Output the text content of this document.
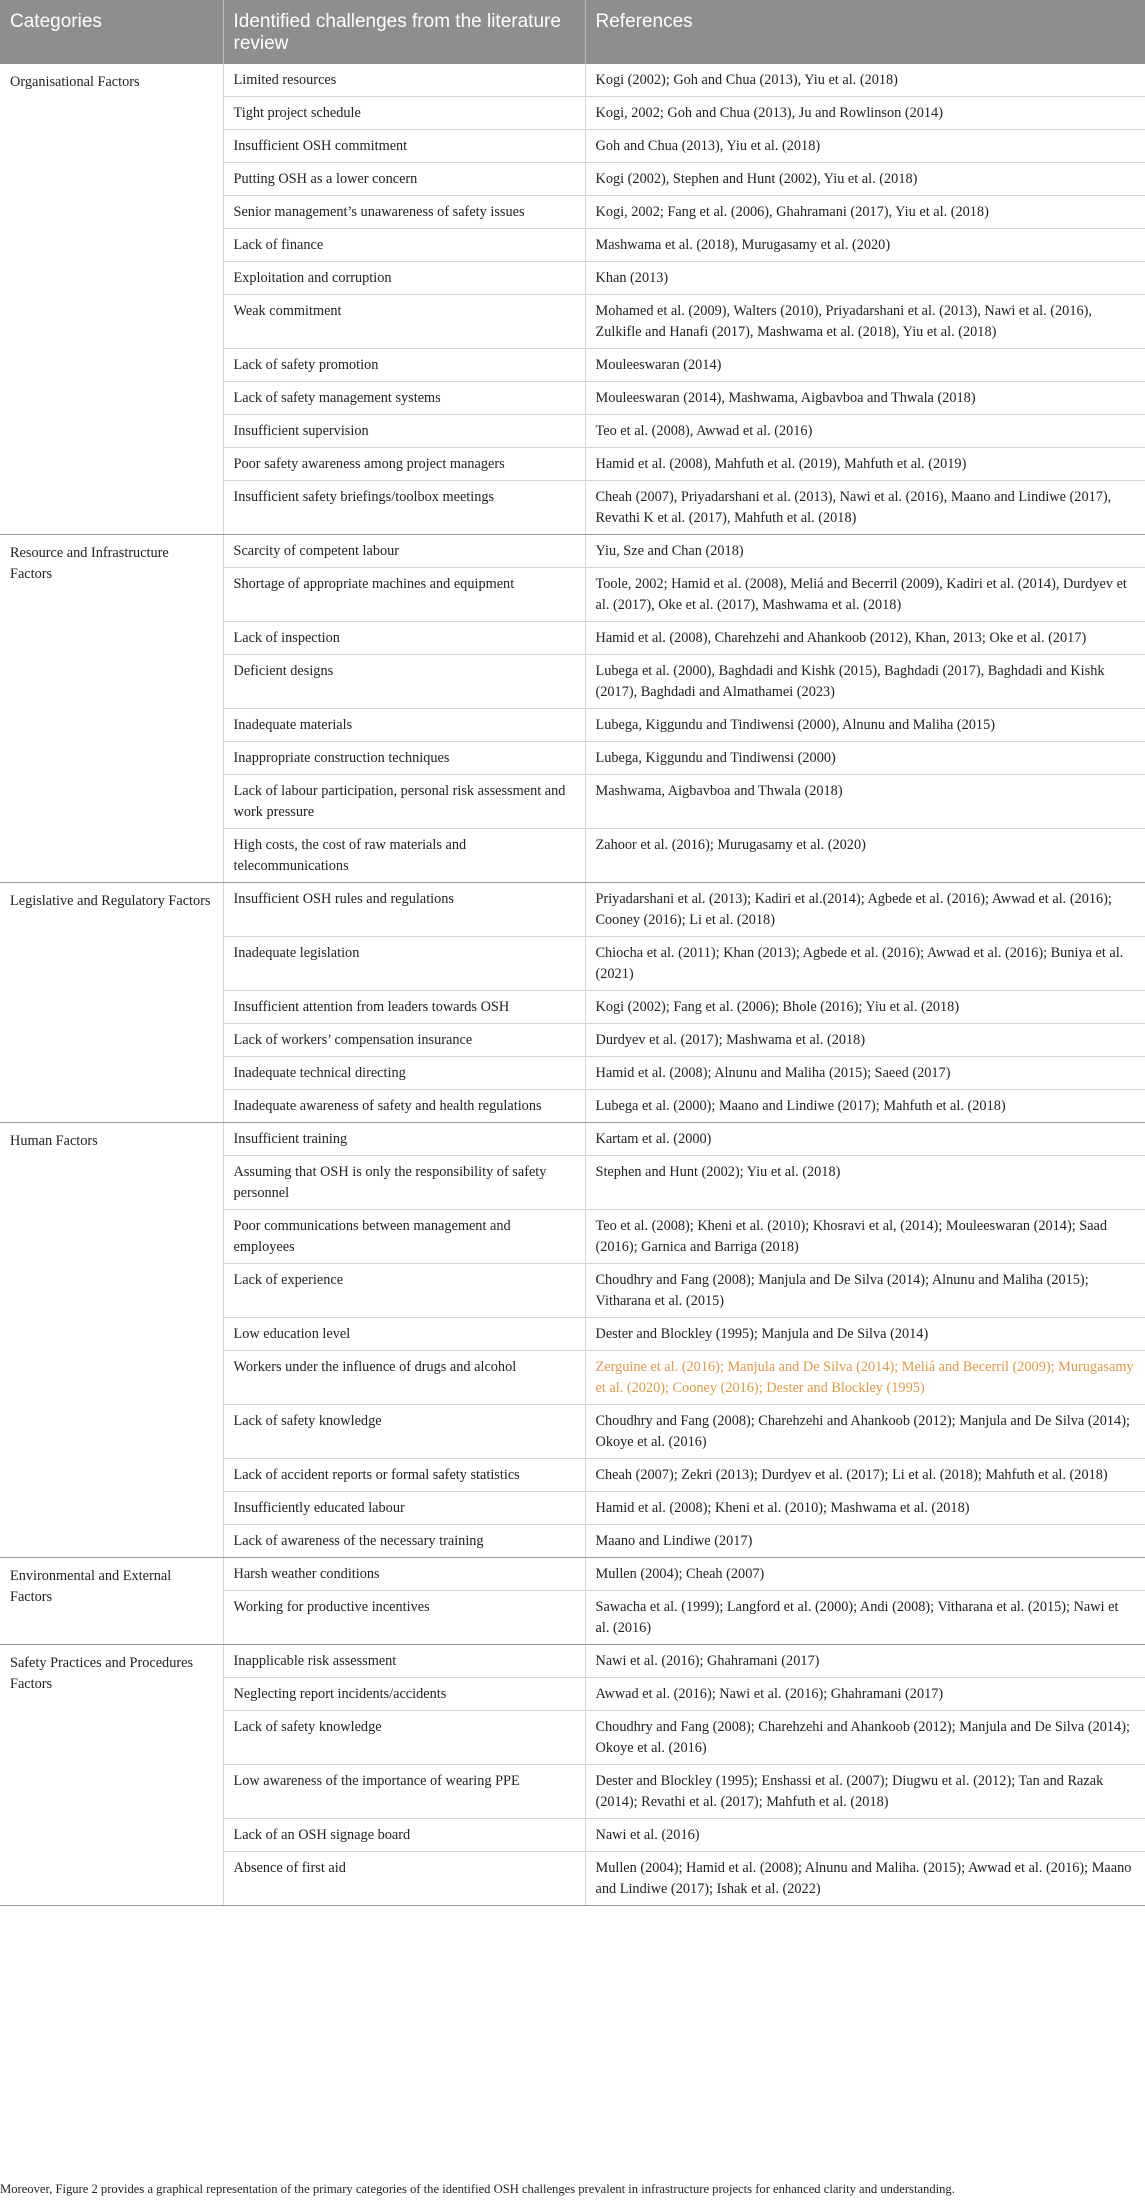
Categories	Identified challenges from the literature review	References
Organisational Factors	Limited resources	Kogi (2002); Goh and Chua (2013), Yiu et al. (2018)
	Tight project schedule	Kogi, 2002; Goh and Chua (2013), Ju and Rowlinson (2014)
	Insufficient OSH commitment	Goh and Chua (2013), Yiu et al. (2018)
	Putting OSH as a lower concern	Kogi (2002), Stephen and Hunt (2002), Yiu et al. (2018)
	Senior management’s unawareness of safety issues	Kogi, 2002; Fang et al. (2006), Ghahramani (2017), Yiu et al. (2018)
	Lack of finance	Mashwama et al. (2018), Murugasamy et al. (2020)
	Exploitation and corruption	Khan (2013)
	Weak commitment	Mohamed et al. (2009), Walters (2010), Priyadarshani et al. (2013), Nawi et al. (2016), Zulkifle and Hanafi (2017), Mashwama et al. (2018), Yiu et al. (2018)
	Lack of safety promotion	Mouleeswaran (2014)
	Lack of safety management systems	Mouleeswaran (2014), Mashwama, Aigbavboa and Thwala (2018)
	Insufficient supervision	Teo et al. (2008), Awwad et al. (2016)
	Poor safety awareness among project managers	Hamid et al. (2008), Mahfuth et al. (2019), Mahfuth et al. (2019)
	Insufficient safety briefings/toolbox meetings	Cheah (2007), Priyadarshani et al. (2013), Nawi et al. (2016), Maano and Lindiwe (2017), Revathi K et al. (2017), Mahfuth et al. (2018)
Resource and Infrastructure Factors	Scarcity of competent labour	Yiu, Sze and Chan (2018)
	Shortage of appropriate machines and equipment	Toole, 2002; Hamid et al. (2008), Meliá and Becerril (2009), Kadiri et al. (2014), Durdyev et al. (2017), Oke et al. (2017), Mashwama et al. (2018)
	Lack of inspection	Hamid et al. (2008), Charehzehi and Ahankoob (2012), Khan, 2013; Oke et al. (2017)
	Deficient designs	Lubega et al. (2000), Baghdadi and Kishk (2015), Baghdadi (2017), Baghdadi and Kishk (2017), Baghdadi and Almathamei (2023)
	Inadequate materials	Lubega, Kiggundu and Tindiwensi (2000), Alnunu and Maliha (2015)
	Inappropriate construction techniques	Lubega, Kiggundu and Tindiwensi (2000)
	Lack of labour participation, personal risk assessment and work pressure	Mashwama, Aigbavboa and Thwala (2018)
	High costs, the cost of raw materials and telecommunications	Zahoor et al. (2016); Murugasamy et al. (2020)
Legislative and Regulatory Factors	Insufficient OSH rules and regulations	Priyadarshani et al. (2013); Kadiri et al.(2014); Agbede et al. (2016); Awwad et al. (2016); Cooney (2016); Li et al. (2018)
	Inadequate legislation	Chiocha et al. (2011); Khan (2013); Agbede et al. (2016); Awwad et al. (2016); Buniya et al. (2021)
	Insufficient attention from leaders towards OSH	Kogi (2002); Fang et al. (2006); Bhole (2016); Yiu et al. (2018)
	Lack of workers’ compensation insurance	Durdyev et al. (2017); Mashwama et al. (2018)
	Inadequate technical directing	Hamid et al. (2008); Alnunu and Maliha (2015); Saeed (2017)
	Inadequate awareness of safety and health regulations	Lubega et al. (2000); Maano and Lindiwe (2017); Mahfuth et al. (2018)
Human Factors	Insufficient training	Kartam et al. (2000)
	Assuming that OSH is only the responsibility of safety personnel	Stephen and Hunt (2002); Yiu et al. (2018)
	Poor communications between management and employees	Teo et al. (2008); Kheni et al. (2010); Khosravi et al, (2014); Mouleeswaran (2014); Saad (2016); Garnica and Barriga (2018)
	Lack of experience	Choudhry and Fang (2008); Manjula and De Silva (2014); Alnunu and Maliha (2015); Vitharana et al. (2015)
	Low education level	Dester and Blockley (1995); Manjula and De Silva (2014)
	Workers under the influence of drugs and alcohol	Zerguine et al. (2016); Manjula and De Silva (2014); Meliá and Becerril (2009); Murugasamy et al. (2020); Cooney (2016); Dester and Blockley (1995)
	Lack of safety knowledge	Choudhry and Fang (2008); Charehzehi and Ahankoob (2012); Manjula and De Silva (2014); Okoye et al. (2016)
	Lack of accident reports or formal safety statistics	Cheah (2007); Zekri (2013); Durdyev et al. (2017); Li et al. (2018); Mahfuth et al. (2018)
	Insufficiently educated labour	Hamid et al. (2008); Kheni et al. (2010); Mashwama et al. (2018)
	Lack of awareness of the necessary training	Maano and Lindiwe (2017)
Environmental and External Factors	Harsh weather conditions	Mullen (2004); Cheah (2007)
	Working for productive incentives	Sawacha et al. (1999); Langford et al. (2000); Andi (2008); Vitharana et al. (2015); Nawi et al. (2016)
Safety Practices and Procedures Factors	Inapplicable risk assessment	Nawi et al. (2016); Ghahramani (2017)
	Neglecting report incidents/accidents	Awwad et al. (2016); Nawi et al. (2016); Ghahramani (2017)
	Lack of safety knowledge	Choudhry and Fang (2008); Charehzehi and Ahankoob (2012); Manjula and De Silva (2014); Okoye et al. (2016)
	Low awareness of the importance of wearing PPE	Dester and Blockley (1995); Enshassi et al. (2007); Diugwu et al. (2012); Tan and Razak (2014); Revathi et al. (2017); Mahfuth et al. (2018)
	Lack of an OSH signage board	Nawi et al. (2016)
	Absence of first aid	Mullen (2004); Hamid et al. (2008); Alnunu and Maliha. (2015); Awwad et al. (2016); Maano and Lindiwe (2017); Ishak et al. (2022)
Moreover, Figure 2 provides a graphical representation of the primary categories of the identified OSH challenges prevalent in infrastructure projects for enhanced clarity and understanding.
